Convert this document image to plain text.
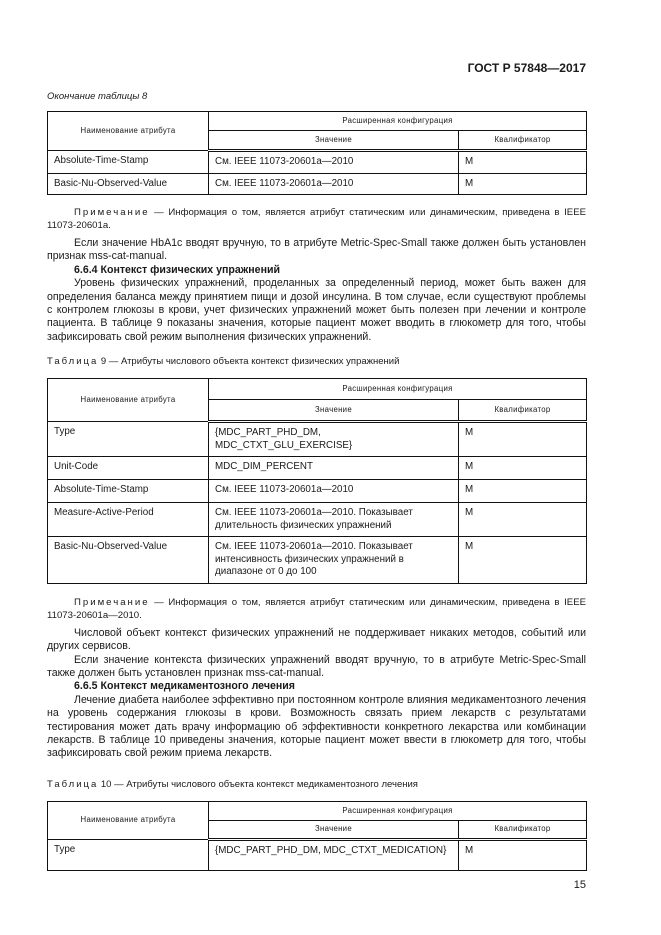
ГОСТ Р 57848—2017
Окончание таблицы 8
Наименование атрибута	Расширенная конфигурация	
	Значение	Квалификатор
Absolute-Time-Stamp	См. IEEE 11073-20601a—2010	M
Basic-Nu-Observed-Value	См. IEEE 11073-20601a—2010	M

Примечание — Информация о том, является атрибут статическим или динамическим, приведена в IEEE 11073-20601a.

Если значение HbA1c вводят вручную, то в атрибуте Metric-Spec-Small также должен быть установлен признак mss-cat-manual.

6.6.4 Контекст физических упражнений

Уровень физических упражнений, проделанных за определенный период, может быть важен для определения баланса между принятием пищи и дозой инсулина. В том случае, если существуют проблемы с контролем глюкозы в крови, учет физических упражнений может быть полезен при лечении и контроле пациента. В таблице 9 показаны значения, которые пациент может вводить в глюкометр для того, чтобы зафиксировать свой режим выполнения физических упражнений.

Таблица 9 — Атрибуты числового объекта контекст физических упражнений
Наименование атрибута	Расширенная конфигурация	
	Значение	Квалификатор
Type	{MDC_PART_PHD_DM, MDC_CTXT_GLU_EXERCISE}	M
Unit-Code	MDC_DIM_PERCENT	M
Absolute-Time-Stamp	См. IEEE 11073-20601a—2010	M
Measure-Active-Period	См. IEEE 11073-20601a—2010. Показывает длительность физических упражнений	M
Basic-Nu-Observed-Value	См. IEEE 11073-20601a—2010. Показывает интенсивность физических упражнений в диапазоне от 0 до 100	M

Примечание — Информация о том, является атрибут статическим или динамическим, приведена в IEEE 11073-20601a—2010.

Числовой объект контекст физических упражнений не поддерживает никаких методов, событий или других сервисов.

Если значение контекста физических упражнений вводят вручную, то в атрибуте Metric-Spec-Small также должен быть установлен признак mss-cat-manual.

6.6.5 Контекст медикаментозного лечения

Лечение диабета наиболее эффективно при постоянном контроле влияния медикаментозного лечения на уровень содержания глюкозы в крови. Возможность связать прием лекарств с результатами тестирования может дать врачу информацию об эффективности конкретного лекарства или комбинации лекарств. В таблице 10 приведены значения, которые пациент может ввести в глюкометр для того, чтобы зафиксировать свой режим приема лекарств.

Таблица 10 — Атрибуты числового объекта контекст медикаментозного лечения
Наименование атрибута	Расширенная конфигурация	
	Значение	Квалификатор
Type	{MDC_PART_PHD_DM, MDC_CTXT_MEDICATION}	M
15
